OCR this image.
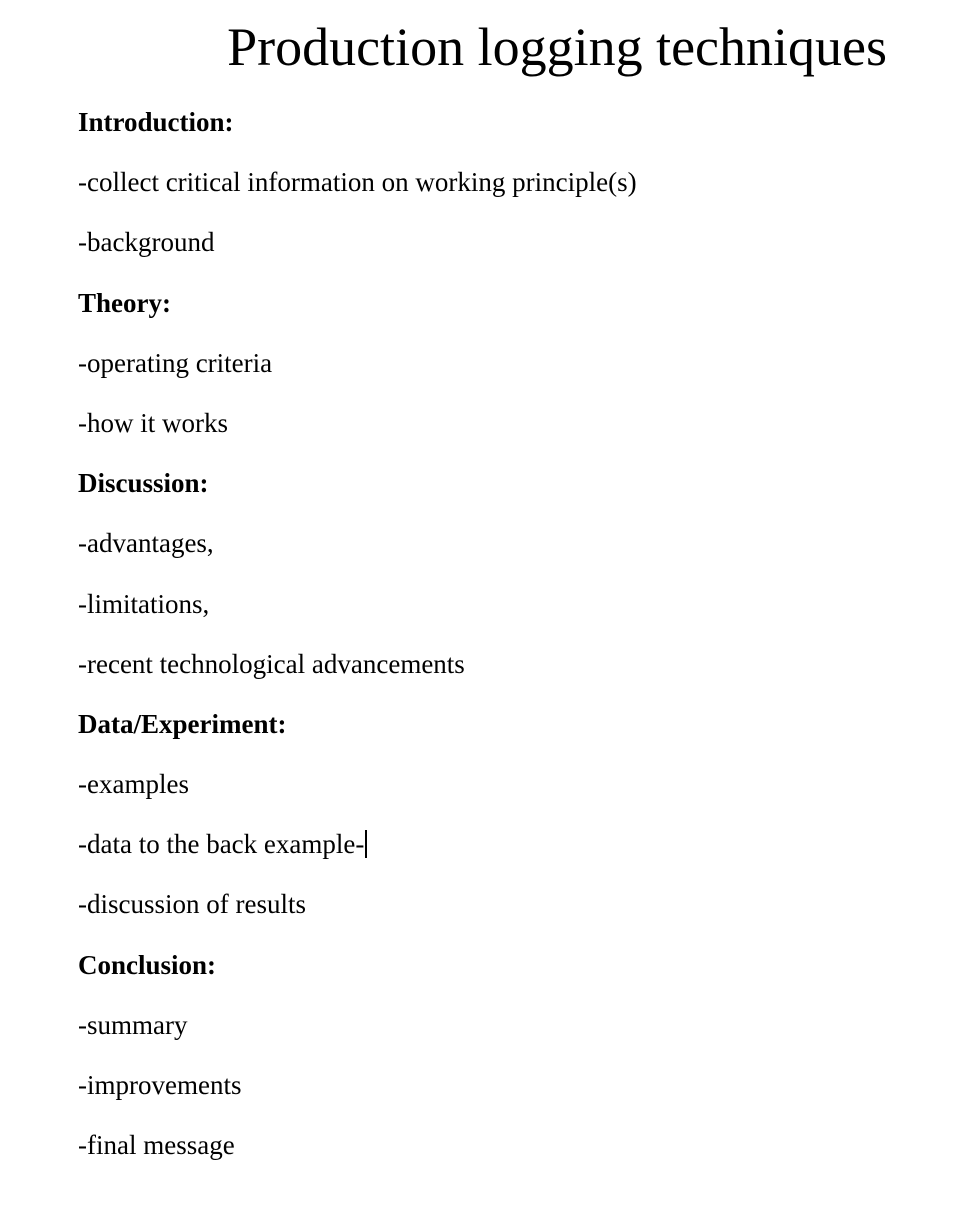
Production logging techniques
Introduction:
-collect critical information on working principle(s)
-background
Theory:
-operating criteria
-how it works
Discussion:
-advantages,
-limitations,
-recent technological advancements
Data/Experiment:
-examples
-data to the back example-
-discussion of results
Conclusion:
-summary
-improvements
-final message
